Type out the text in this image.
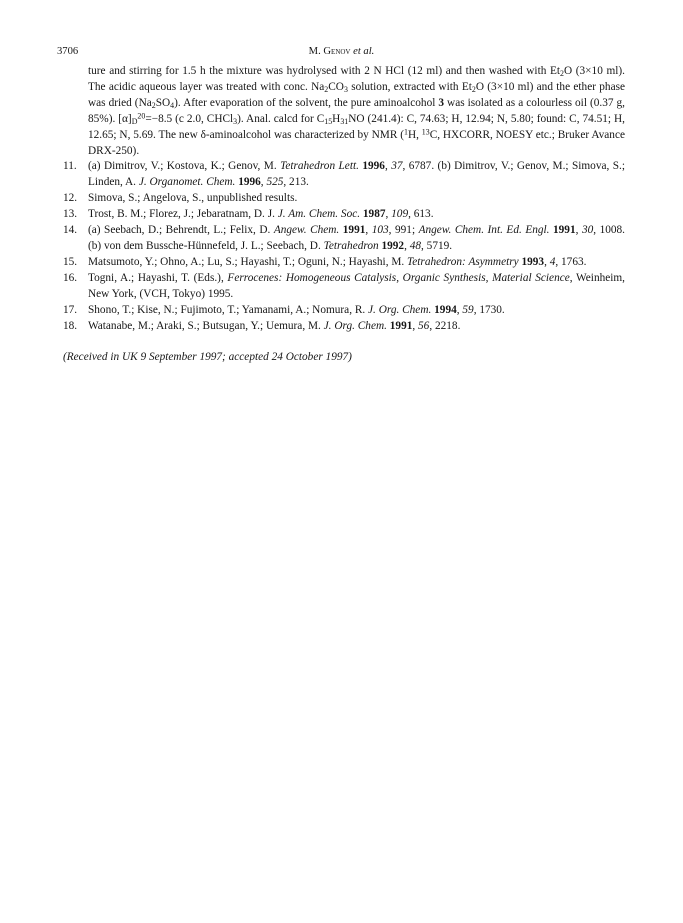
3706	M. Genov et al.

ture and stirring for 1.5 h the mixture was hydrolysed with 2 N HCl (12 ml) and then washed with $Et_2O$ (3×10 ml). The acidic aqueous layer was treated with conc. $Na_2CO_3$ solution, extracted with $Et_2O$ (3×10 ml) and the ether phase was dried $(Na_2SO_4)$. After evaporation of the solvent, the pure aminoalcohol 3 was isolated as a colourless oil (0.37 g, 85%). $[\alpha]_D^{20}=-8.5$ (c 2.0, CHCl$_3$). Anal. calcd for $C_{15}H_{31}NO$ (241.4): C, 74.63; H, 12.94; N, 5.80; found: C, 74.51; H, 12.65; N, 5.69. The new δ-aminoalcohol was characterized by NMR ($^1$H, $^{13}$C, HXCORR, NOESY etc.; Bruker Avance DRX-250).

11. (a) Dimitrov, V.; Kostova, K.; Genov, M. Tetrahedron Lett. 1996, 37, 6787. (b) Dimitrov, V.; Genov, M.; Simova, S.; Linden, A. J. Organomet. Chem. 1996, 525, 213.
12. Simova, S.; Angelova, S., unpublished results.
13. Trost, B. M.; Florez, J.; Jebaratnam, D. J. J. Am. Chem. Soc. 1987, 109, 613.
14. (a) Seebach, D.; Behrendt, L.; Felix, D. Angew. Chem. 1991, 103, 991; Angew. Chem. Int. Ed. Engl. 1991, 30, 1008. (b) von dem Bussche-Hünnefeld, J. L.; Seebach, D. Tetrahedron 1992, 48, 5719.
15. Matsumoto, Y.; Ohno, A.; Lu, S.; Hayashi, T.; Oguni, N.; Hayashi, M. Tetrahedron: Asymmetry 1993, 4, 1763.
16. Togni, A.; Hayashi, T. (Eds.), Ferrocenes: Homogeneous Catalysis, Organic Synthesis, Material Science, Weinheim, New York, (VCH, Tokyo) 1995.
17. Shono, T.; Kise, N.; Fujimoto, T.; Yamanami, A.; Nomura, R. J. Org. Chem. 1994, 59, 1730.
18. Watanabe, M.; Araki, S.; Butsugan, Y.; Uemura, M. J. Org. Chem. 1991, 56, 2218.
(Received in UK 9 September 1997; accepted 24 October 1997)
